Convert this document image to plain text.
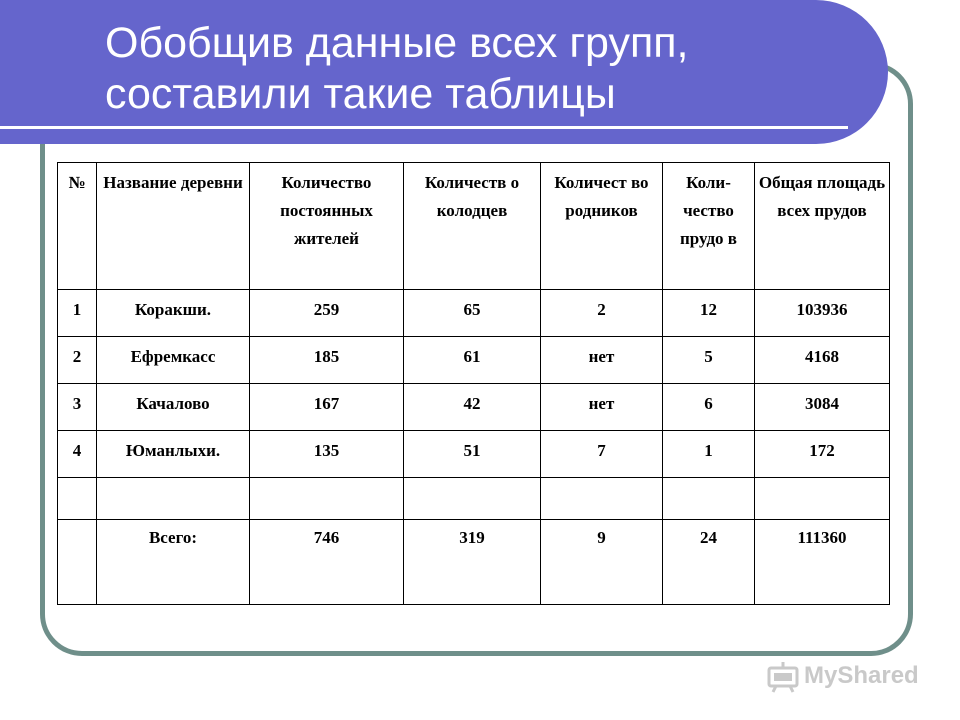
Обобщив данные всех групп,
составили такие таблицы
№	Название деревни	Количество постоянных жителей	Количеств о колодцев	Количест во родников	Коли-чество прудо в	Общая площадь всех прудов
1	Коракши.	259	65	2	12	103936
2	Ефремкасс	185	61	нет	5	4168
3	Качалово	167	42	нет	6	3084
4	Юманлыхи.	135	51	7	1	172

	Всего:	746	319	9	24	111360
MyShared
